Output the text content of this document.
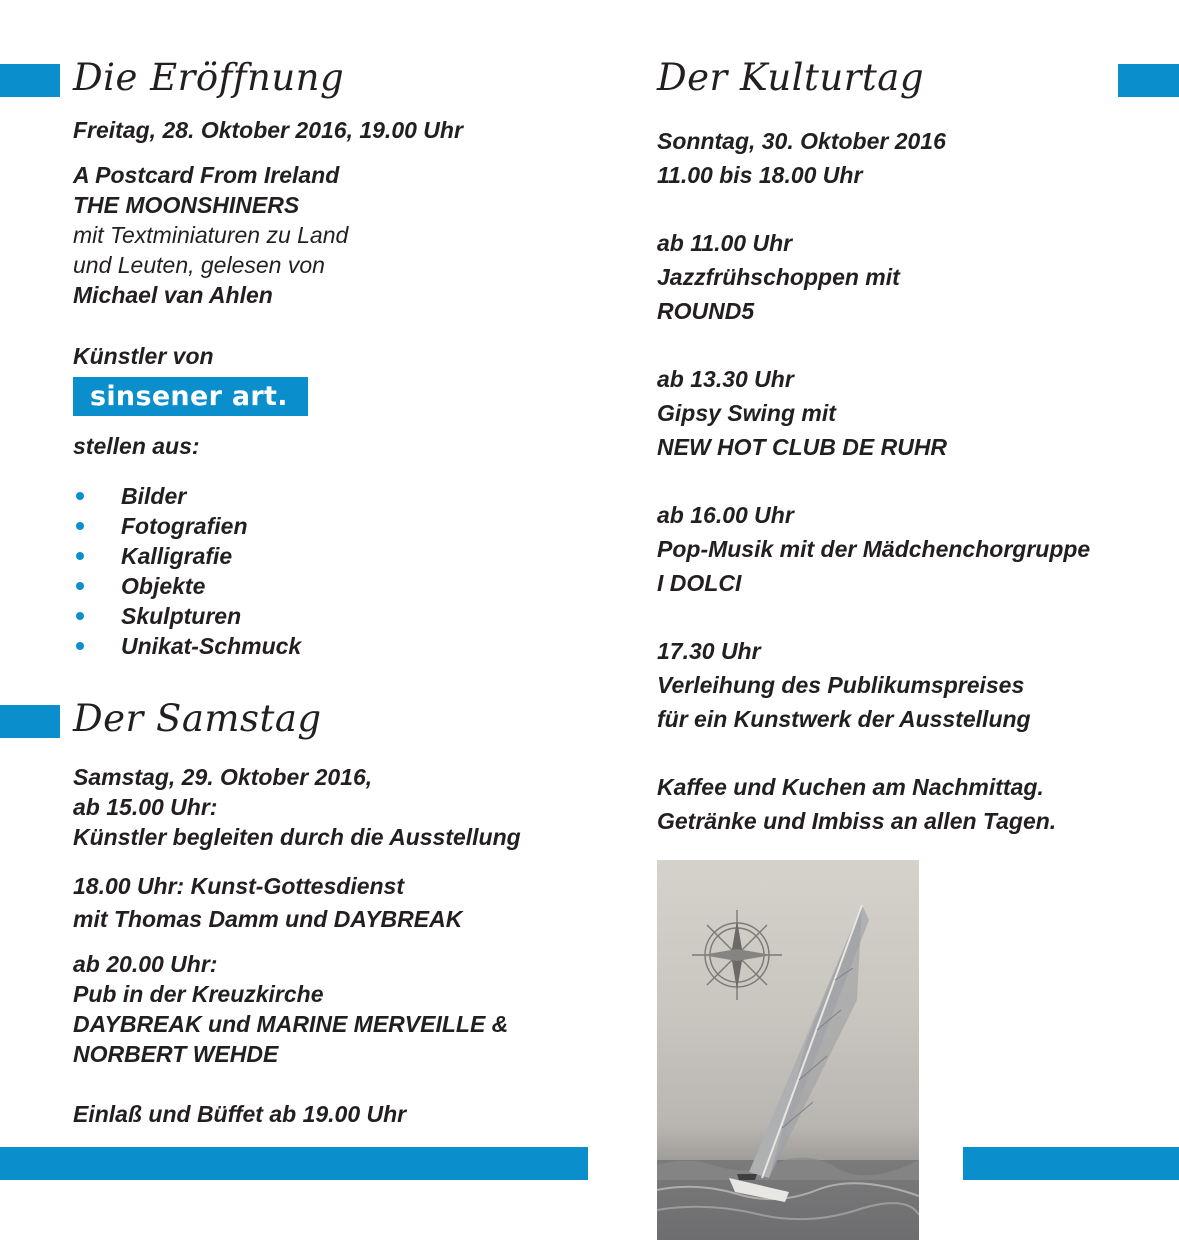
Die Eröffnung
Freitag, 28. Oktober 2016, 19.00 Uhr
A Postcard From Ireland
THE MOONSHINERS
mit Textminiaturen zu Land
und Leuten, gelesen von
Michael van Ahlen
Künstler von
sinsener art.
stellen aus:
Bilder
Fotografien
Kalligrafie
Objekte
Skulpturen
Unikat-Schmuck
Der Samstag
Samstag, 29. Oktober 2016,
ab 15.00 Uhr:
Künstler begleiten durch die Ausstellung
18.00 Uhr: Kunst-Gottesdienst
mit Thomas Damm und DAYBREAK
ab 20.00 Uhr:
Pub in der Kreuzkirche
DAYBREAK und MARINE MERVEILLE &
NORBERT WEHDE
Einlaß und Büffet ab 19.00 Uhr
Der Kulturtag
Sonntag, 30. Oktober 2016
11.00 bis 18.00 Uhr
ab 11.00 Uhr
Jazzfrühschoppen mit
ROUND5
ab 13.30 Uhr
Gipsy Swing mit
NEW HOT CLUB DE RUHR
ab 16.00 Uhr
Pop-Musik mit der Mädchenchorgruppe
I DOLCI
17.30 Uhr
Verleihung des Publikumspreises
für ein Kunstwerk der Ausstellung
Kaffee und Kuchen am Nachmittag.
Getränke und Imbiss an allen Tagen.
